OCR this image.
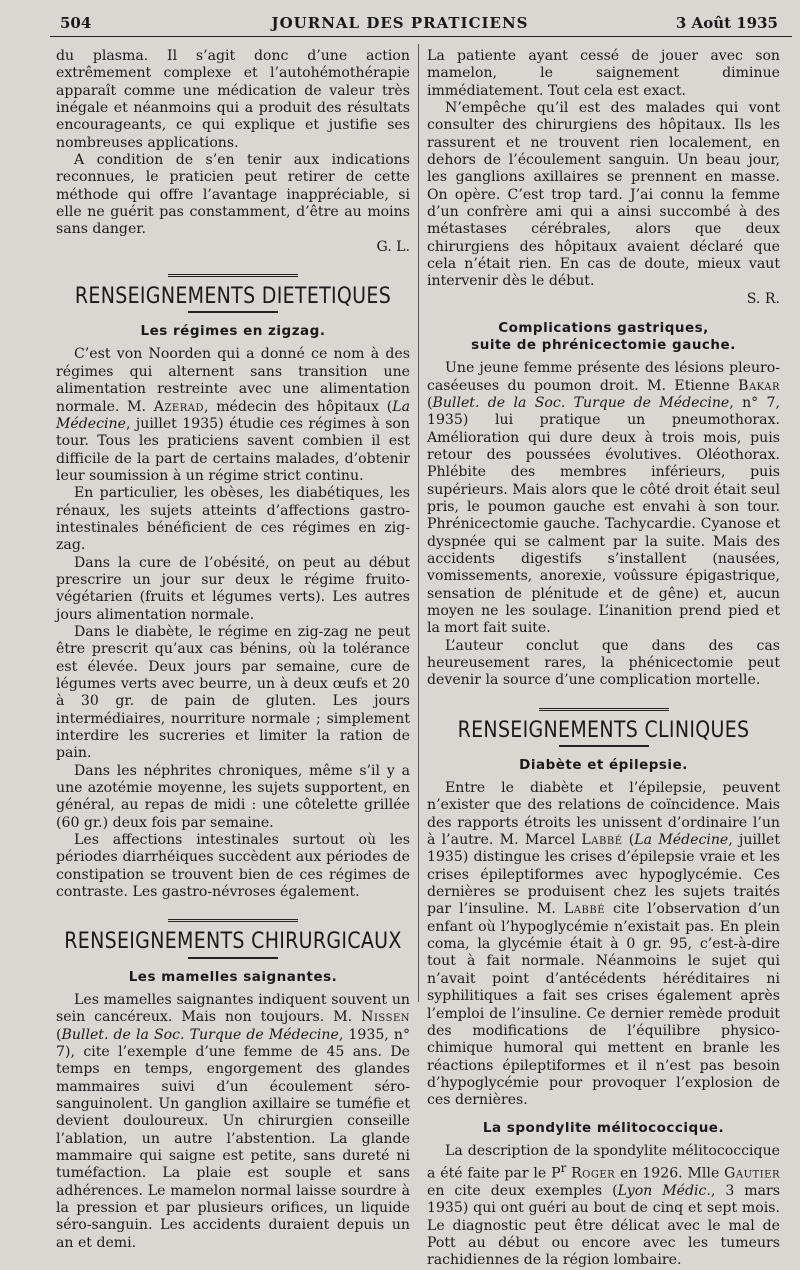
504	JOURNAL DES PRATICIENS	3 Août 1935

du plasma. Il s’agit donc d’une action extrêmement complexe et l’autohémothérapie apparaît comme une médication de valeur très inégale et néanmoins qui a produit des résultats encourageants, ce qui explique et justifie ses nombreuses applications.

A condition de s’en tenir aux indications reconnues, le praticien peut retirer de cette méthode qui offre l’avantage inappréciable, si elle ne guérit pas constamment, d’être au moins sans danger.

G. L.

RENSEIGNEMENTS DIETETIQUES
Les régimes en zigzag.

C’est von Noorden qui a donné ce nom à des régimes qui alternent sans transition une alimentation restreinte avec une alimentation normale. M. Azerad, médecin des hôpitaux (La Médecine, juillet 1935) étudie ces régimes à son tour. Tous les praticiens savent combien il est difficile de la part de certains malades, d’obtenir leur soumission à un régime strict continu.

En particulier, les obèses, les diabétiques, les rénaux, les sujets atteints d’affections gastro-intestinales bénéficient de ces régimes en zig-zag.

Dans la cure de l’obésité, on peut au début prescrire un jour sur deux le régime fruito-végétarien (fruits et légumes verts). Les autres jours alimentation normale.

Dans le diabète, le régime en zig-zag ne peut être prescrit qu’aux cas bénins, où la tolérance est élevée. Deux jours par semaine, cure de légumes verts avec beurre, un à deux œufs et 20 à 30 gr. de pain de gluten. Les jours intermédiaires, nourriture normale ; simplement interdire les sucreries et limiter la ration de pain.

Dans les néphrites chroniques, même s’il y a une azotémie moyenne, les sujets supportent, en général, au repas de midi : une côtelette grillée (60 gr.) deux fois par semaine.

Les affections intestinales surtout où les périodes diarrhéiques succèdent aux périodes de constipation se trouvent bien de ces régimes de contraste. Les gastro-névroses également.

RENSEIGNEMENTS CHIRURGICAUX
Les mamelles saignantes.

Les mamelles saignantes indiquent souvent un sein cancéreux. Mais non toujours. M. Nissen (Bullet. de la Soc. Turque de Médecine, 1935, n° 7), cite l’exemple d’une femme de 45 ans. De temps en temps, engorgement des glandes mammaires suivi d’un écoulement séro-sanguinolent. Un ganglion axillaire se tuméfie et devient douloureux. Un chirurgien conseille l’ablation, un autre l’abstention. La glande mammaire qui saigne est petite, sans dureté ni tuméfaction. La plaie est souple et sans adhérences. Le mamelon normal laisse sourdre à la pression et par plusieurs orifices, un liquide séro-sanguin. Les accidents duraient depuis un an et demi.

La patiente ayant cessé de jouer avec son mamelon, le saignement diminue immédiatement. Tout cela est exact.

N’empêche qu’il est des malades qui vont consulter des chirurgiens des hôpitaux. Ils les rassurent et ne trouvent rien localement, en dehors de l’écoulement sanguin. Un beau jour, les ganglions axillaires se prennent en masse. On opère. C’est trop tard. J’ai connu la femme d’un confrère ami qui a ainsi succombé à des métastases cérébrales, alors que deux chirurgiens des hôpitaux avaient déclaré que cela n’était rien. En cas de doute, mieux vaut intervenir dès le début.

S. R.

Complications gastriques,
suite de phrénicectomie gauche.

Une jeune femme présente des lésions pleuro-caséeuses du poumon droit. M. Etienne Bakar (Bullet. de la Soc. Turque de Médecine, n° 7, 1935) lui pratique un pneumothorax. Amélioration qui dure deux à trois mois, puis retour des poussées évolutives. Oléothorax. Phlébite des membres inférieurs, puis supérieurs. Mais alors que le côté droit était seul pris, le poumon gauche est envahi à son tour. Phrénicectomie gauche. Tachycardie. Cyanose et dyspnée qui se calment par la suite. Mais des accidents digestifs s’installent (nausées, vomissements, anorexie, voûssure épigastrique, sensation de plénitude et de gêne) et, aucun moyen ne les soulage. L’inanition prend pied et la mort fait suite.

L’auteur conclut que dans des cas heureusement rares, la phénicectomie peut devenir la source d’une complication mortelle.

RENSEIGNEMENTS CLINIQUES
Diabète et épilepsie.

Entre le diabète et l’épilepsie, peuvent n’exister que des relations de coïncidence. Mais des rapports étroits les unissent d’ordinaire l’un à l’autre. M. Marcel Labbé (La Médecine, juillet 1935) distingue les crises d’épilepsie vraie et les crises épileptiformes avec hypoglycémie. Ces dernières se produisent chez les sujets traités par l’insuline. M. Labbé cite l’observation d’un enfant où l’hypoglycémie n’existait pas. En plein coma, la glycémie était à 0 gr. 95, c’est-à-dire tout à fait normale. Néanmoins le sujet qui n’avait point d’antécédents héréditaires ni syphilitiques a fait ses crises également après l’emploi de l’insuline. Ce dernier remède produit des modifications de l’équilibre physico-chimique humoral qui mettent en branle les réactions épileptiformes et il n’est pas besoin d’hypoglycémie pour provoquer l’explosion de ces dernières.

La spondylite mélitococcique.

La description de la spondylite mélitococcique a été faite par le $P^r$ Roger en 1926. Mlle Gautier en cite deux exemples (Lyon Médic., 3 mars 1935) qui ont guéri au bout de cinq et sept mois. Le diagnostic peut être délicat avec le mal de Pott au début ou encore avec les tumeurs rachidiennes de la région lombaire.
